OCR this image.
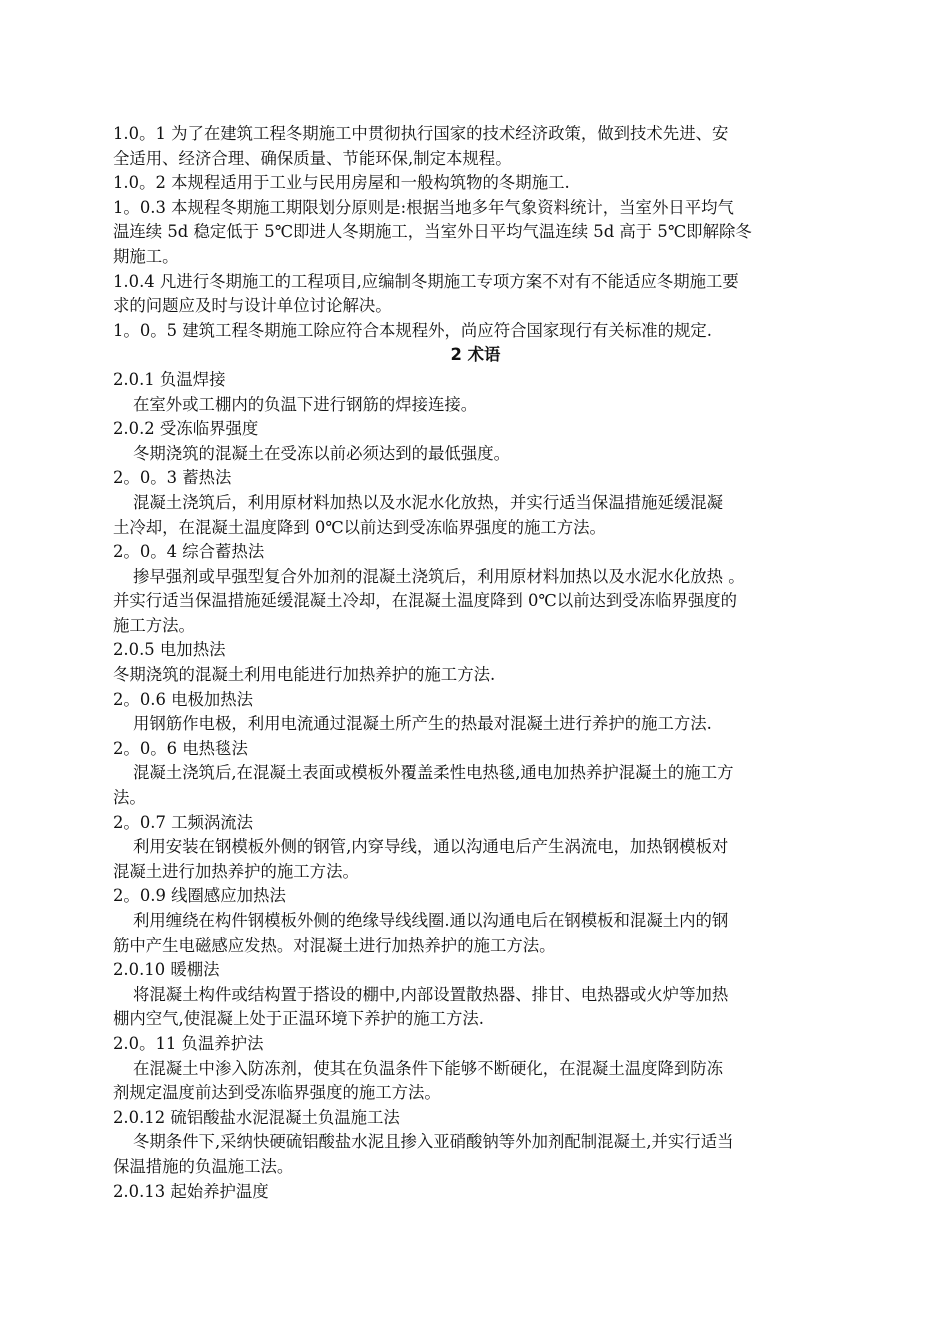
1.0。1 为了在建筑工程冬期施工中贯彻执行国家的技术经济政策，做到技术先进、安

全适用、经济合理、确保质量、节能环保,制定本规程。

1.0。2 本规程适用于工业与民用房屋和一般构筑物的冬期施工.

1。0.3 本规程冬期施工期限划分原则是:根据当地多年气象资料统计，当室外日平均气

温连续 5d 稳定低于 5℃即进人冬期施工，当室外日平均气温连续 5d 高于 5℃即解除冬

期施工。

1.0.4 凡进行冬期施工的工程项目,应编制冬期施工专项方案不对有不能适应冬期施工要

求的问题应及时与设计单位讨论解决。

1。0。5 建筑工程冬期施工除应符合本规程外，尚应符合国家现行有关标准的规定.

2 术语

2.0.1 负温焊接

在室外或工棚内的负温下进行钢筋的焊接连接。

2.0.2 受冻临界强度

冬期浇筑的混凝土在受冻以前必须达到的最低强度。

2。0。3 蓄热法

混凝土浇筑后，利用原材料加热以及水泥水化放热，并实行适当保温措施延缓混凝

土冷却，在混凝土温度降到 0℃以前达到受冻临界强度的施工方法。

2。0。4 综合蓄热法

掺早强剂或早强型复合外加剂的混凝土浇筑后，利用原材料加热以及水泥水化放热 。

并实行适当保温措施延缓混凝土冷却，在混凝土温度降到 0℃以前达到受冻临界强度的

施工方法。

2.0.5 电加热法

冬期浇筑的混凝土利用电能进行加热养护的施工方法.

2。0.6 电极加热法

用钢筋作电极，利用电流通过混凝土所产生的热最对混凝土进行养护的施工方法.

2。0。6 电热毯法

混凝土浇筑后,在混凝土表面或模板外覆盖柔性电热毯,通电加热养护混凝土的施工方

法。

2。0.7 工频涡流法

利用安装在钢模板外侧的钢管,内穿导线，通以沟通电后产生涡流电，加热钢模板对

混凝土进行加热养护的施工方法。

2。0.9 线圈感应加热法

利用缠绕在构件钢模板外侧的绝缘导线线圈.通以沟通电后在钢模板和混凝土内的钢

筋中产生电磁感应发热。对混凝土进行加热养护的施工方法。

2.0.10 暖棚法

将混凝土构件或结构置于搭设的棚中,内部设置散热器、排甘、电热器或火炉等加热

棚内空气,使混凝上处于正温环境下养护的施工方法.

2.0。11 负温养护法

在混凝土中渗入防冻剂，使其在负温条件下能够不断硬化，在混凝土温度降到防冻

剂规定温度前达到受冻临界强度的施工方法。

2.0.12 硫铝酸盐水泥混凝土负温施工法

冬期条件下,采纳快硬硫铝酸盐水泥且掺入亚硝酸钠等外加剂配制混凝土,并实行适当

保温措施的负温施工法。

2.0.13 起始养护温度
